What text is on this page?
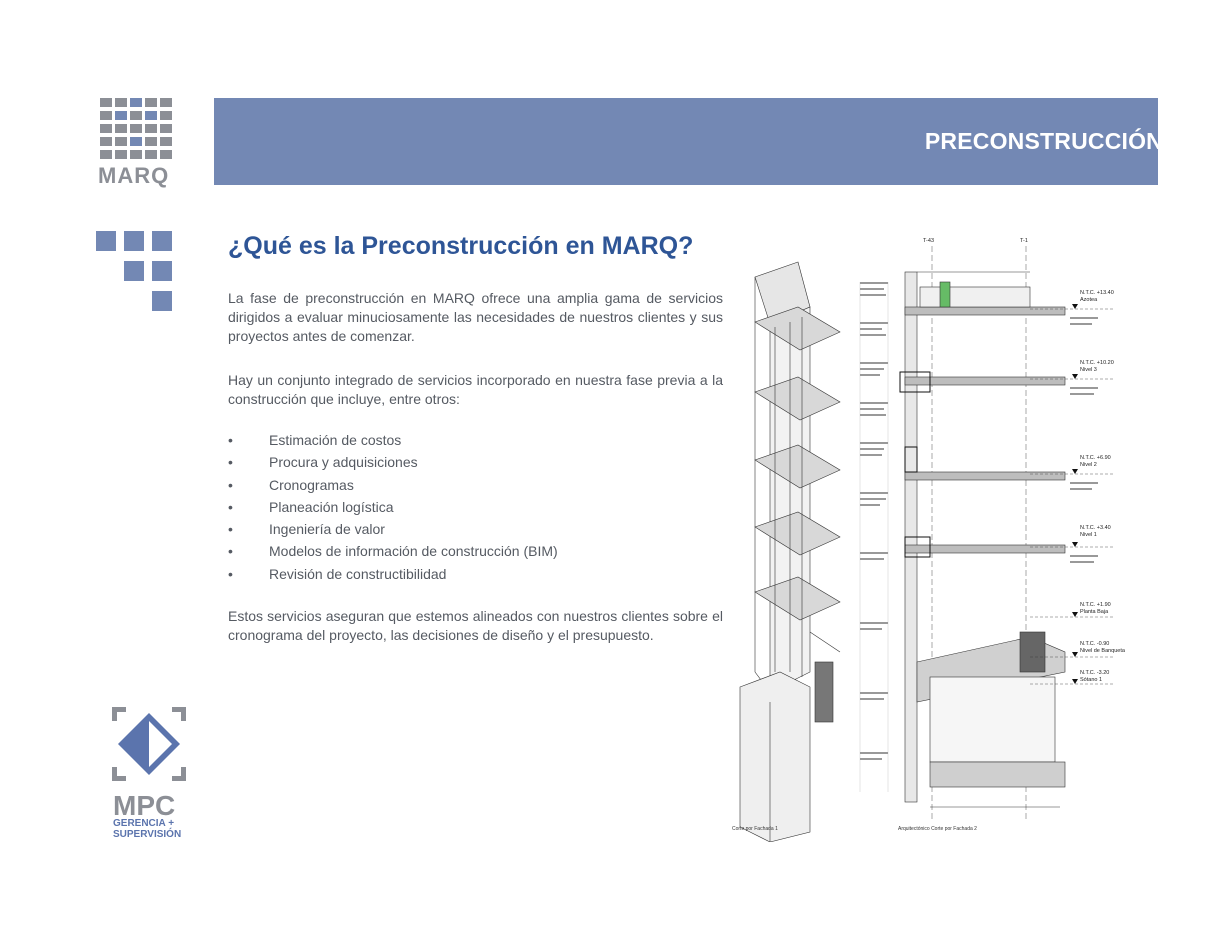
PRECONSTRUCCIÓN
MARQ
¿Qué es la Preconstrucción en MARQ?
La fase de preconstrucción en MARQ ofrece una amplia gama de servicios dirigidos a evaluar minuciosamente las necesidades de nuestros clientes y sus proyectos antes de comenzar.
Hay un conjunto integrado de servicios incorporado en nuestra fase previa a la construcción que incluye, entre otros:
•	Estimación de costos
•	Procura y adquisiciones
•	Cronogramas
•	Planeación logística
•	Ingeniería de valor
•	Modelos de información de construcción (BIM)
•	Revisión de constructibilidad
Estos servicios aseguran que estemos alineados con nuestros clientes sobre el cronograma del proyecto, las decisiones de diseño y el presupuesto.
MPC
GERENCIA +
SUPERVISIÓN
T-43	T-1
N.T.C. +13.40
Azotea
N.T.C. +10.20
Nivel 3
N.T.C. +6.90
Nivel 2
N.T.C. +3.40
Nivel 1
N.T.C. +1.90
Planta Baja
N.T.C. -0.90
Nivel de Banqueta
N.T.C. -3.20
Sótano 1
Corte por Fachada 1	Arquitectónico Corte por Fachada 2
